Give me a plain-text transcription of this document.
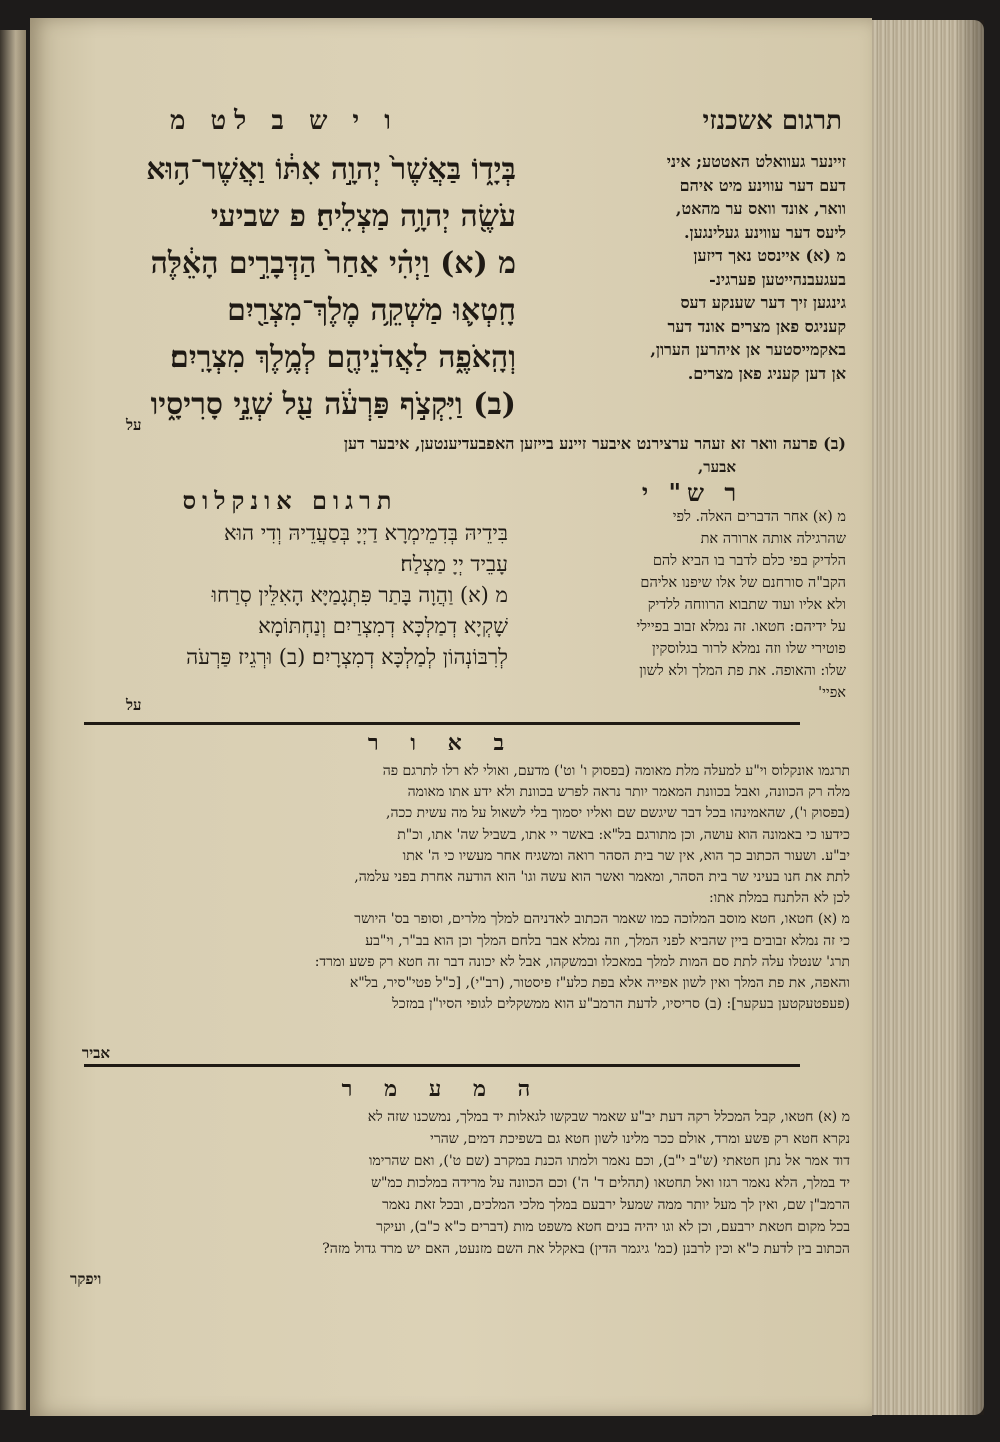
תרגום אשכנזי
ו י ש ב לט מ
בְּיָד֑וֹ בַּאֲשֶׁר֙ יְהוָ֣ה אִתּ֔וֹ וַאֲשֶׁר־ה֥וּא
עֹשֶׂ֖ה יְהוָ֥ה מַצְלִֽיחַ׃ פ שביעי
מ (א) וַיְהִ֗י אַחַר֙ הַדְּבָרִ֣ים הָאֵ֔לֶּה
חָֽטְא֛וּ מַשְׁקֵ֥ה מֶלֶךְ־מִצְרַ֖יִם
וְהָֽאֹפֶ֑ה לַאֲדֹנֵיהֶ֖ם לְמֶ֥לֶךְ מִצְרָֽיִם׃
(ב) וַיִּקְצֹ֣ף פַּרְעֹ֔ה עַ֖ל שְׁנֵ֣י סָרִיסָ֑יו
על
זיינער געוואלט האטטע; איני
דעם דער עווינע מיט איהם
וואר, אונד וואס ער מהאט,
ליעס דער עווינע געלינגען.
מ (א) איינסט נאך דיזען
בעגעבנהייטען פערגינ-
גינגען זיך דער שענקע דעס
קעניגס פאן מצרים אונד דער
באקמייסטער אן איהרען הערון,
אן דען קעניג פאן מצרים.
(ב) פרעה וואר זא זעהר ערצירנט איבער זיינע בייזען האפבעדיענטען, איבער דען
אבער,
ר ש" י
מ (א) אחר הדברים האלה. לפי
שהרגילה אותה ארורה את
הלדיק בפי כלם לדבר בו הביא להם
הקב"ה סורחנם של אלו שיפנו אליהם
ולא אליו ועוד שתבוא הרווחה ללדיק
על ידיהם: חטאו. זה נמלא זבוב בפיילי
פוטירי שלו וזה נמלא לרור בגלוסקין
שלו: והאופה. את פת המלך ולא לשון
אפיי'
תרגום אונקלוס
בִּידֵיהּ בְּדִמֵימְרָא דַיְיָ בְּסַעֲדֵיהּ וְדִי הוּא
עָבֵיד יְיָ מַצְלַח׃
מ (א) וַהֲוָה בָּתַר פִּתְגָמַיָּא הָאִלֵּין סְרַחוּ
שָׁקְיָא דְמַלְכָּא דְמִצְרַיִם וְנַחְתּוֹמָא
לְרִבּוֹנְהוֹן לְמַלְכָּא דְמִצְרָיִם׃ (ב) וּרְגֵיז פַּרְעֹה
על
ב א ו ר
תרגמו אונקלוס וי"ע למעלה מלת מאומה (בפסוק ו' וט') מדעם, ואולי לא רלו לתרגם פה
מלה רק הכוונה, ואבל בכוונת המאמר יותר נראה לפרש בכוונת ולא ידע אתו מאומה
(בפסוק ו'), שהאמינהו בכל דבר שיגשם שם ואליו יסמוך בלי לשאול על מה עשית ככה,
כידעו כי באמונה הוא עושה, וכן מתורגם בל"א: באשר יי אתו, בשביל שה' אתו, וכ"ת
יב"ע. ושעור הכתוב כך הוא, אין שר בית הסהר רואה ומשגיח אחר מעשיו כי ה' אתו
לתת את חנו בעיני שר בית הסהר, ומאמר ואשר הוא עשה וגו' הוא הודעה אחרת בפני עלמה,
לכן לא הלתנח במלת אתו:
מ (א) חטאו, חטא מוסב המלוכה כמו שאמר הכתוב לאדניהם למלך מלרים, וסופר בס' היושר
כי זה נמלא זבובים ביין שהביא לפני המלך, וזה נמלא אבר בלחם המלך וכן הוא בב"ר, וי"בע
תרג' שנטלו עלה לתת סם המות למלך במאכלו ובמשקהו, אבל לא יכונה דבר זה חטא רק פשע ומרד:
והאפה, את פת המלך ואין לשון אפייה אלא בפת כלע"ז פיסטור, (רב"י), [כ"ל פטי"סיר, בל"א
(פעפטעקטען בעקער]: (ב) סריסיו, לדעת הרמב"ע הוא ממשקלים לגופי הסיו"ן במזכל
אביר
ה מ ע מ ר
מ (א) חטאו, קבל המכלל רקה דעת יב"ע שאמר שבקשו לגאלות יד במלך, נמשכנו שזה לא
נקרא חטא רק פשע ומרד, אולם ככר מלינו לשון חטא גם בשפיכת דמים, שהרי
דוד אמר אל נתן חטאתי (ש"ב י"ב), וכם נאמר ולמתו הכנת במקרב (שם ט'), ואם שהרימו
יד במלך, הלא נאמר רגזו ואל תחטאו (תהלים ד' ה') וכם הכוונה על מרידה במלכות כמ"ש
הרמב"ן שם, ואין לך מעל יותר ממה שמעל ירבעם במלך מלכי המלכים, ובכל זאת נאמר
בכל מקום חטאת ירבעם, וכן לא וגו יהיה בנים חטא משפט מות (דברים כ"א כ"ב), ועיקר
הכתוב בין לדעת כ"א וכין לרבנן (כמ' גיגמר הדין) באקלל את השם מזנעט, האם יש מרד גדול מזה?
ויפקר
